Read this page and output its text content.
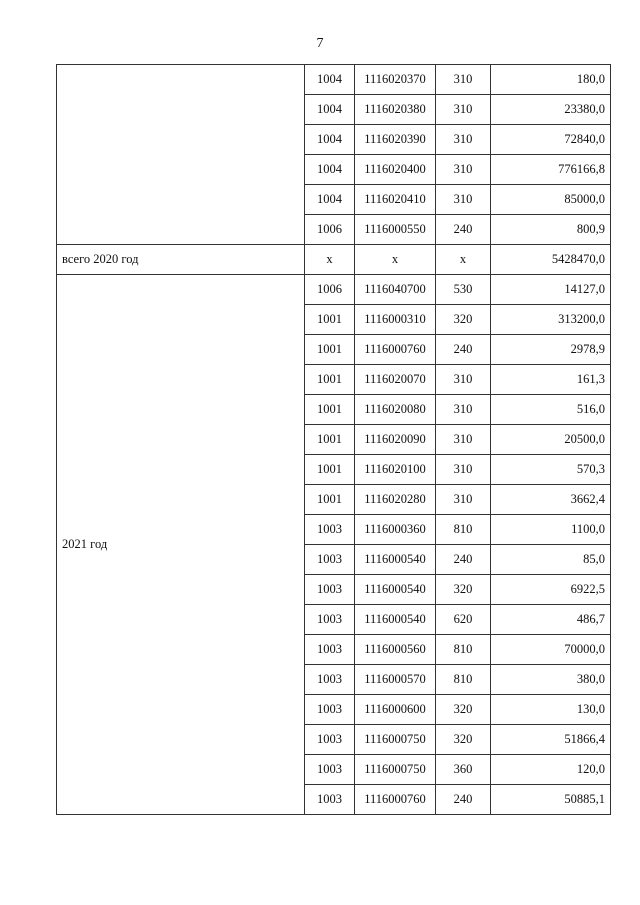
7
	1004	1116020370	310	180,0
	1004	1116020380	310	23380,0
	1004	1116020390	310	72840,0
	1004	1116020400	310	776166,8
	1004	1116020410	310	85000,0
	1006	1116000550	240	800,9
всего 2020 год	х	х	х	5428470,0
2021 год	1006	1116040700	530	14127,0
	1001	1116000310	320	313200,0
	1001	1116000760	240	2978,9
	1001	1116020070	310	161,3
	1001	1116020080	310	516,0
	1001	1116020090	310	20500,0
	1001	1116020100	310	570,3
	1001	1116020280	310	3662,4
	1003	1116000360	810	1100,0
	1003	1116000540	240	85,0
	1003	1116000540	320	6922,5
	1003	1116000540	620	486,7
	1003	1116000560	810	70000,0
	1003	1116000570	810	380,0
	1003	1116000600	320	130,0
	1003	1116000750	320	51866,4
	1003	1116000750	360	120,0
	1003	1116000760	240	50885,1
